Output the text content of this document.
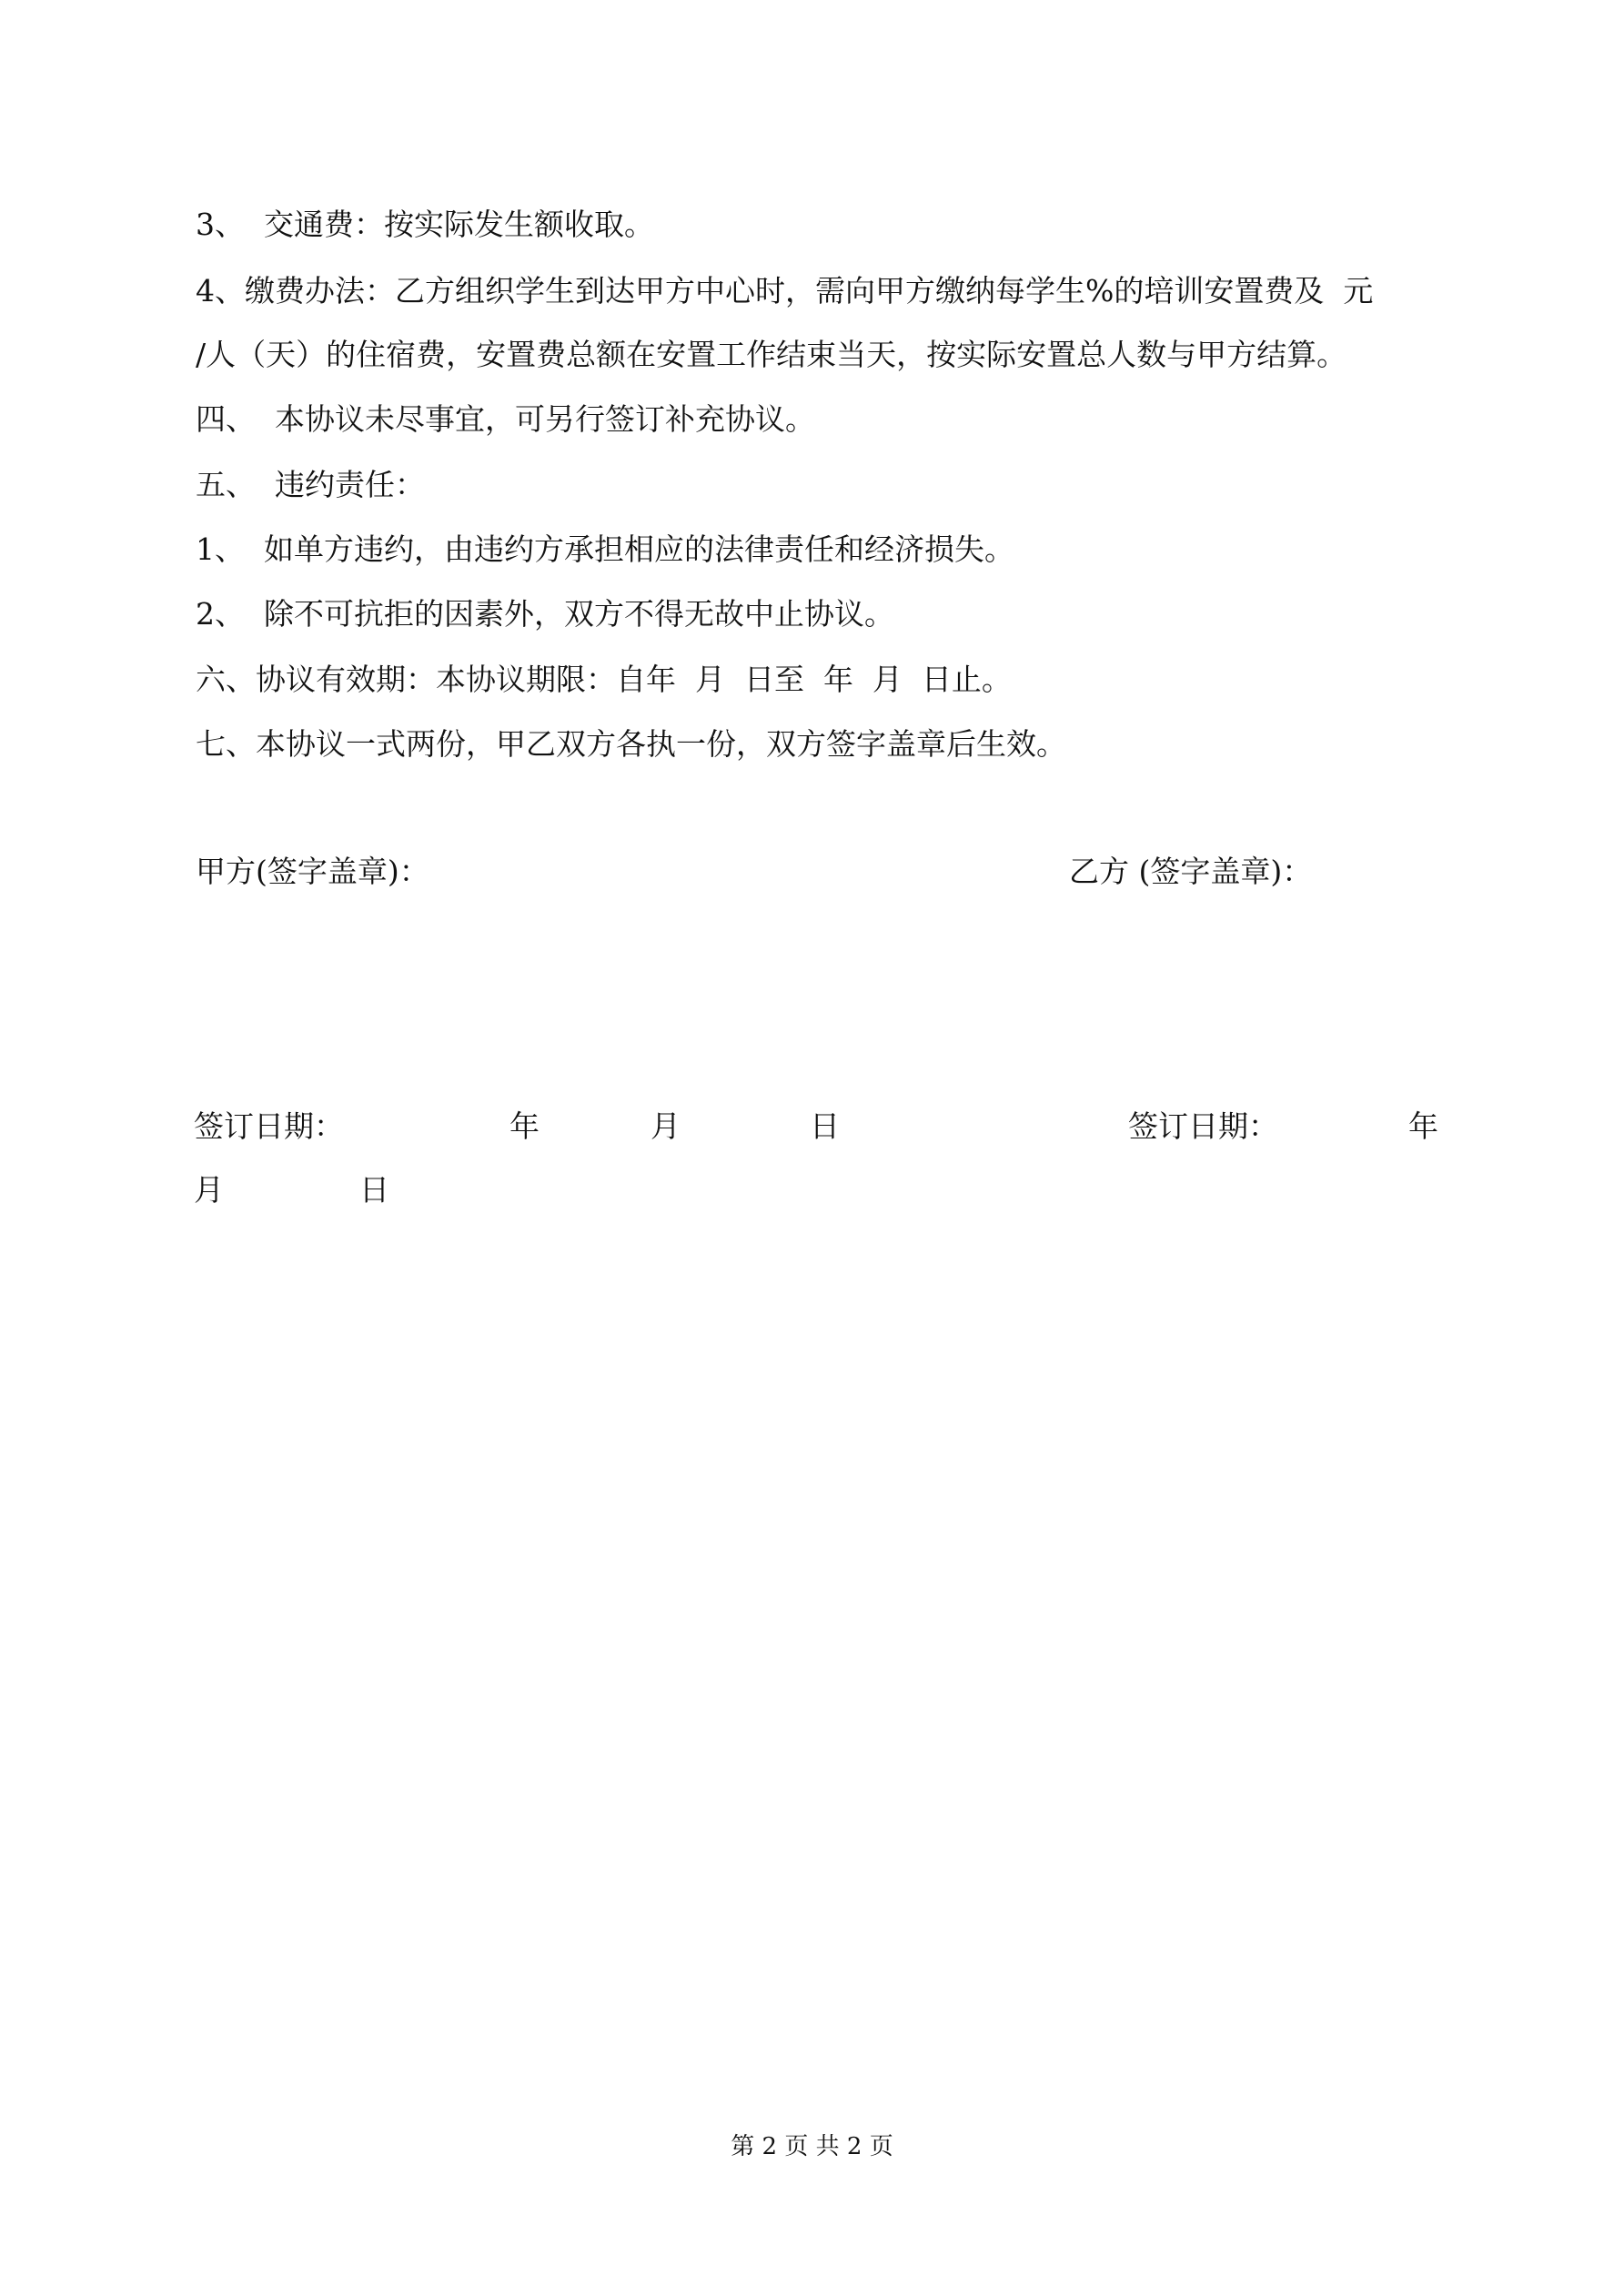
3、  交通费：按实际发生额收取。
4、缴费办法：乙方组织学生到达甲方中心时，需向甲方缴纳每学生%的培训安置费及  元
/人（天）的住宿费，安置费总额在安置工作结束当天，按实际安置总人数与甲方结算。
四、  本协议未尽事宜，可另行签订补充协议。
五、  违约责任：
1、  如单方违约，由违约方承担相应的法律责任和经济损失。
2、  除不可抗拒的因素外，双方不得无故中止协议。
六、协议有效期：本协议期限：自年  月  日至  年  月  日止。
七、本协议一式两份，甲乙双方各执一份，双方签字盖章后生效。
甲方(签字盖章)：	乙方 (签字盖章)：
签订日期：	年	月	日	签订日期：	年
月	日
第 2 页 共 2 页
